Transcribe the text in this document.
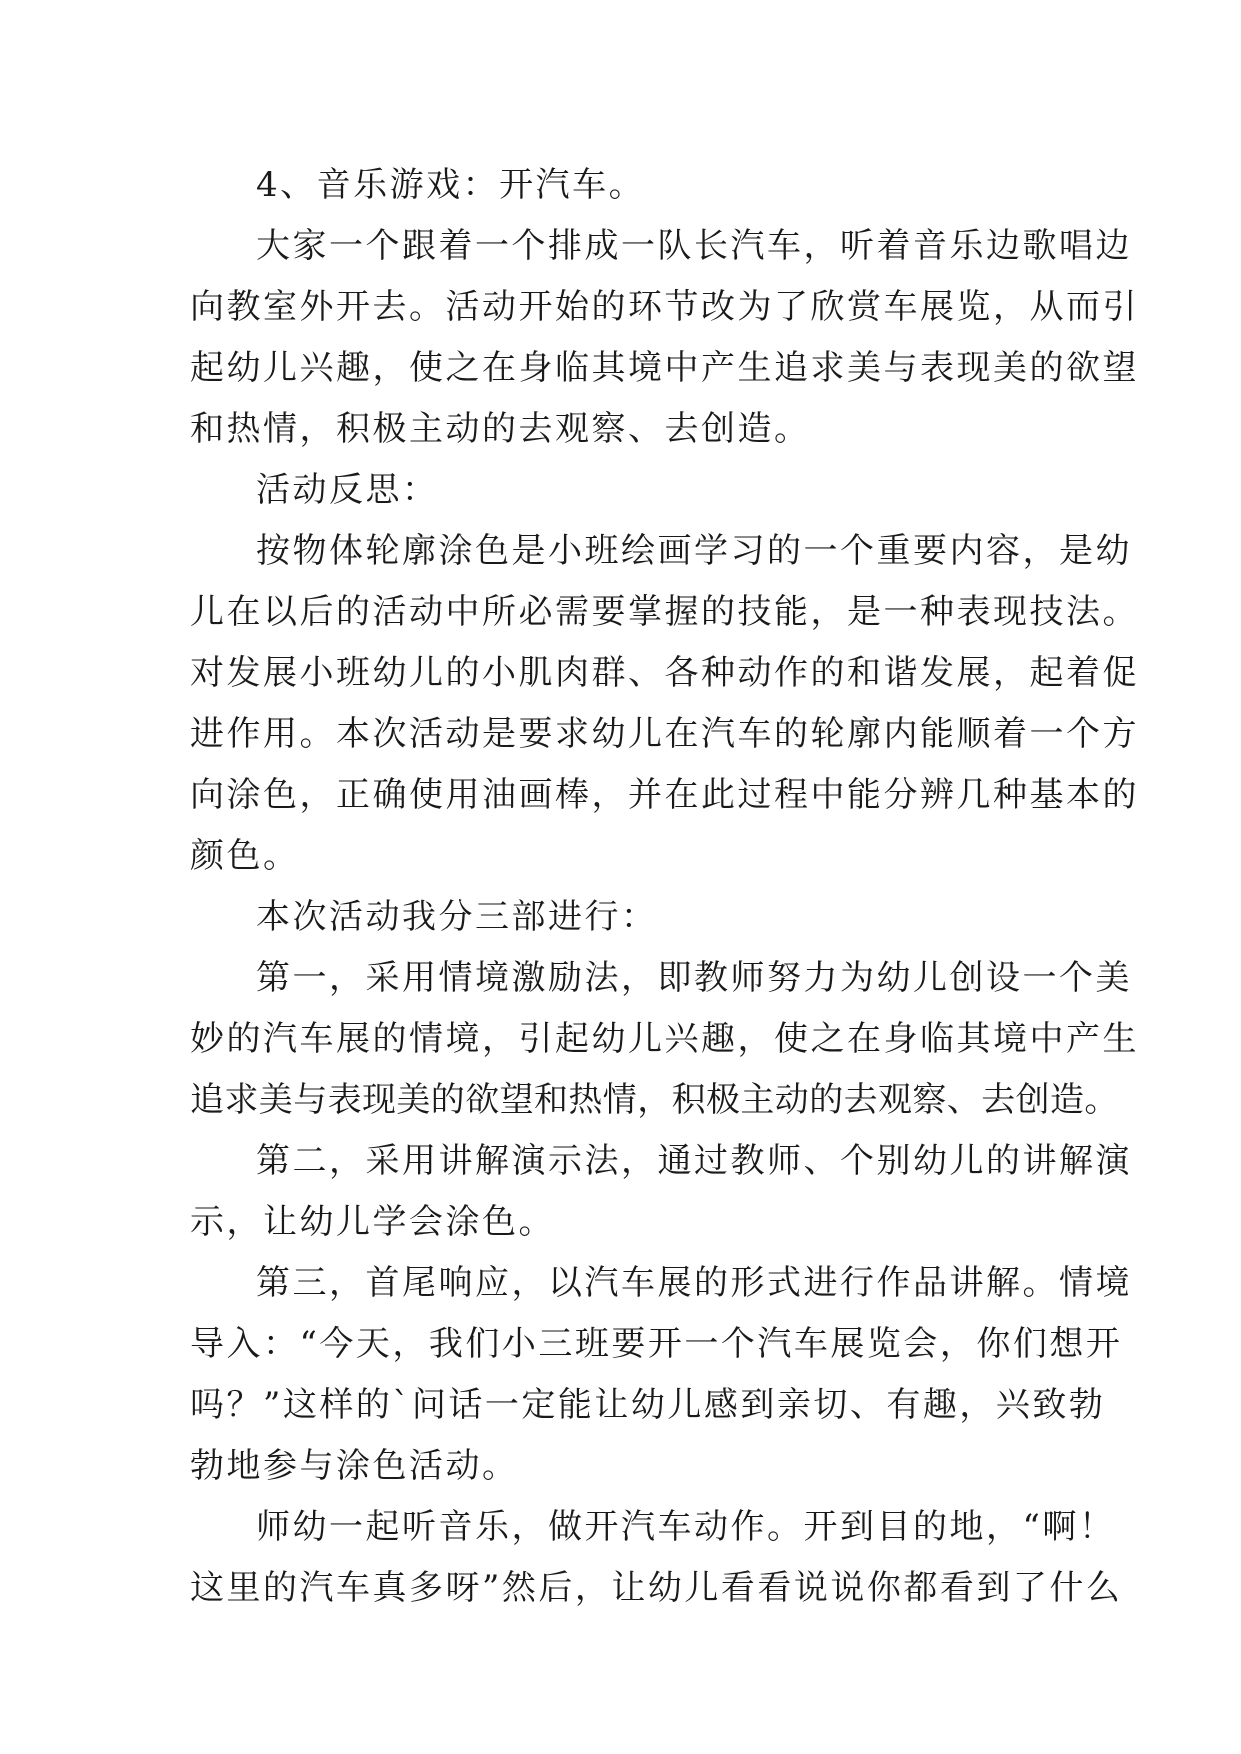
4、音乐游戏：开汽车。
大家一个跟着一个排成一队长汽车，听着音乐边歌唱边
向教室外开去。活动开始的环节改为了欣赏车展览，从而引
起幼儿兴趣，使之在身临其境中产生追求美与表现美的欲望
和热情，积极主动的去观察、去创造。
活动反思：
按物体轮廓涂色是小班绘画学习的一个重要内容，是幼
儿在以后的活动中所必需要掌握的技能，是一种表现技法。
对发展小班幼儿的小肌肉群、各种动作的和谐发展，起着促
进作用。本次活动是要求幼儿在汽车的轮廓内能顺着一个方
向涂色，正确使用油画棒，并在此过程中能分辨几种基本的
颜色。
本次活动我分三部进行：
第一，采用情境激励法，即教师努力为幼儿创设一个美
妙的汽车展的情境，引起幼儿兴趣，使之在身临其境中产生
追求美与表现美的欲望和热情，积极主动的去观察、去创造。
第二，采用讲解演示法，通过教师、个别幼儿的讲解演
示，让幼儿学会涂色。
第三，首尾响应，以汽车展的形式进行作品讲解。情境
导入：“今天，我们小三班要开一个汽车展览会，你们想开
吗？”这样的`问话一定能让幼儿感到亲切、有趣，兴致勃
勃地参与涂色活动。
师幼一起听音乐，做开汽车动作。开到目的地，“啊！
这里的汽车真多呀”然后，让幼儿看看说说你都看到了什么
